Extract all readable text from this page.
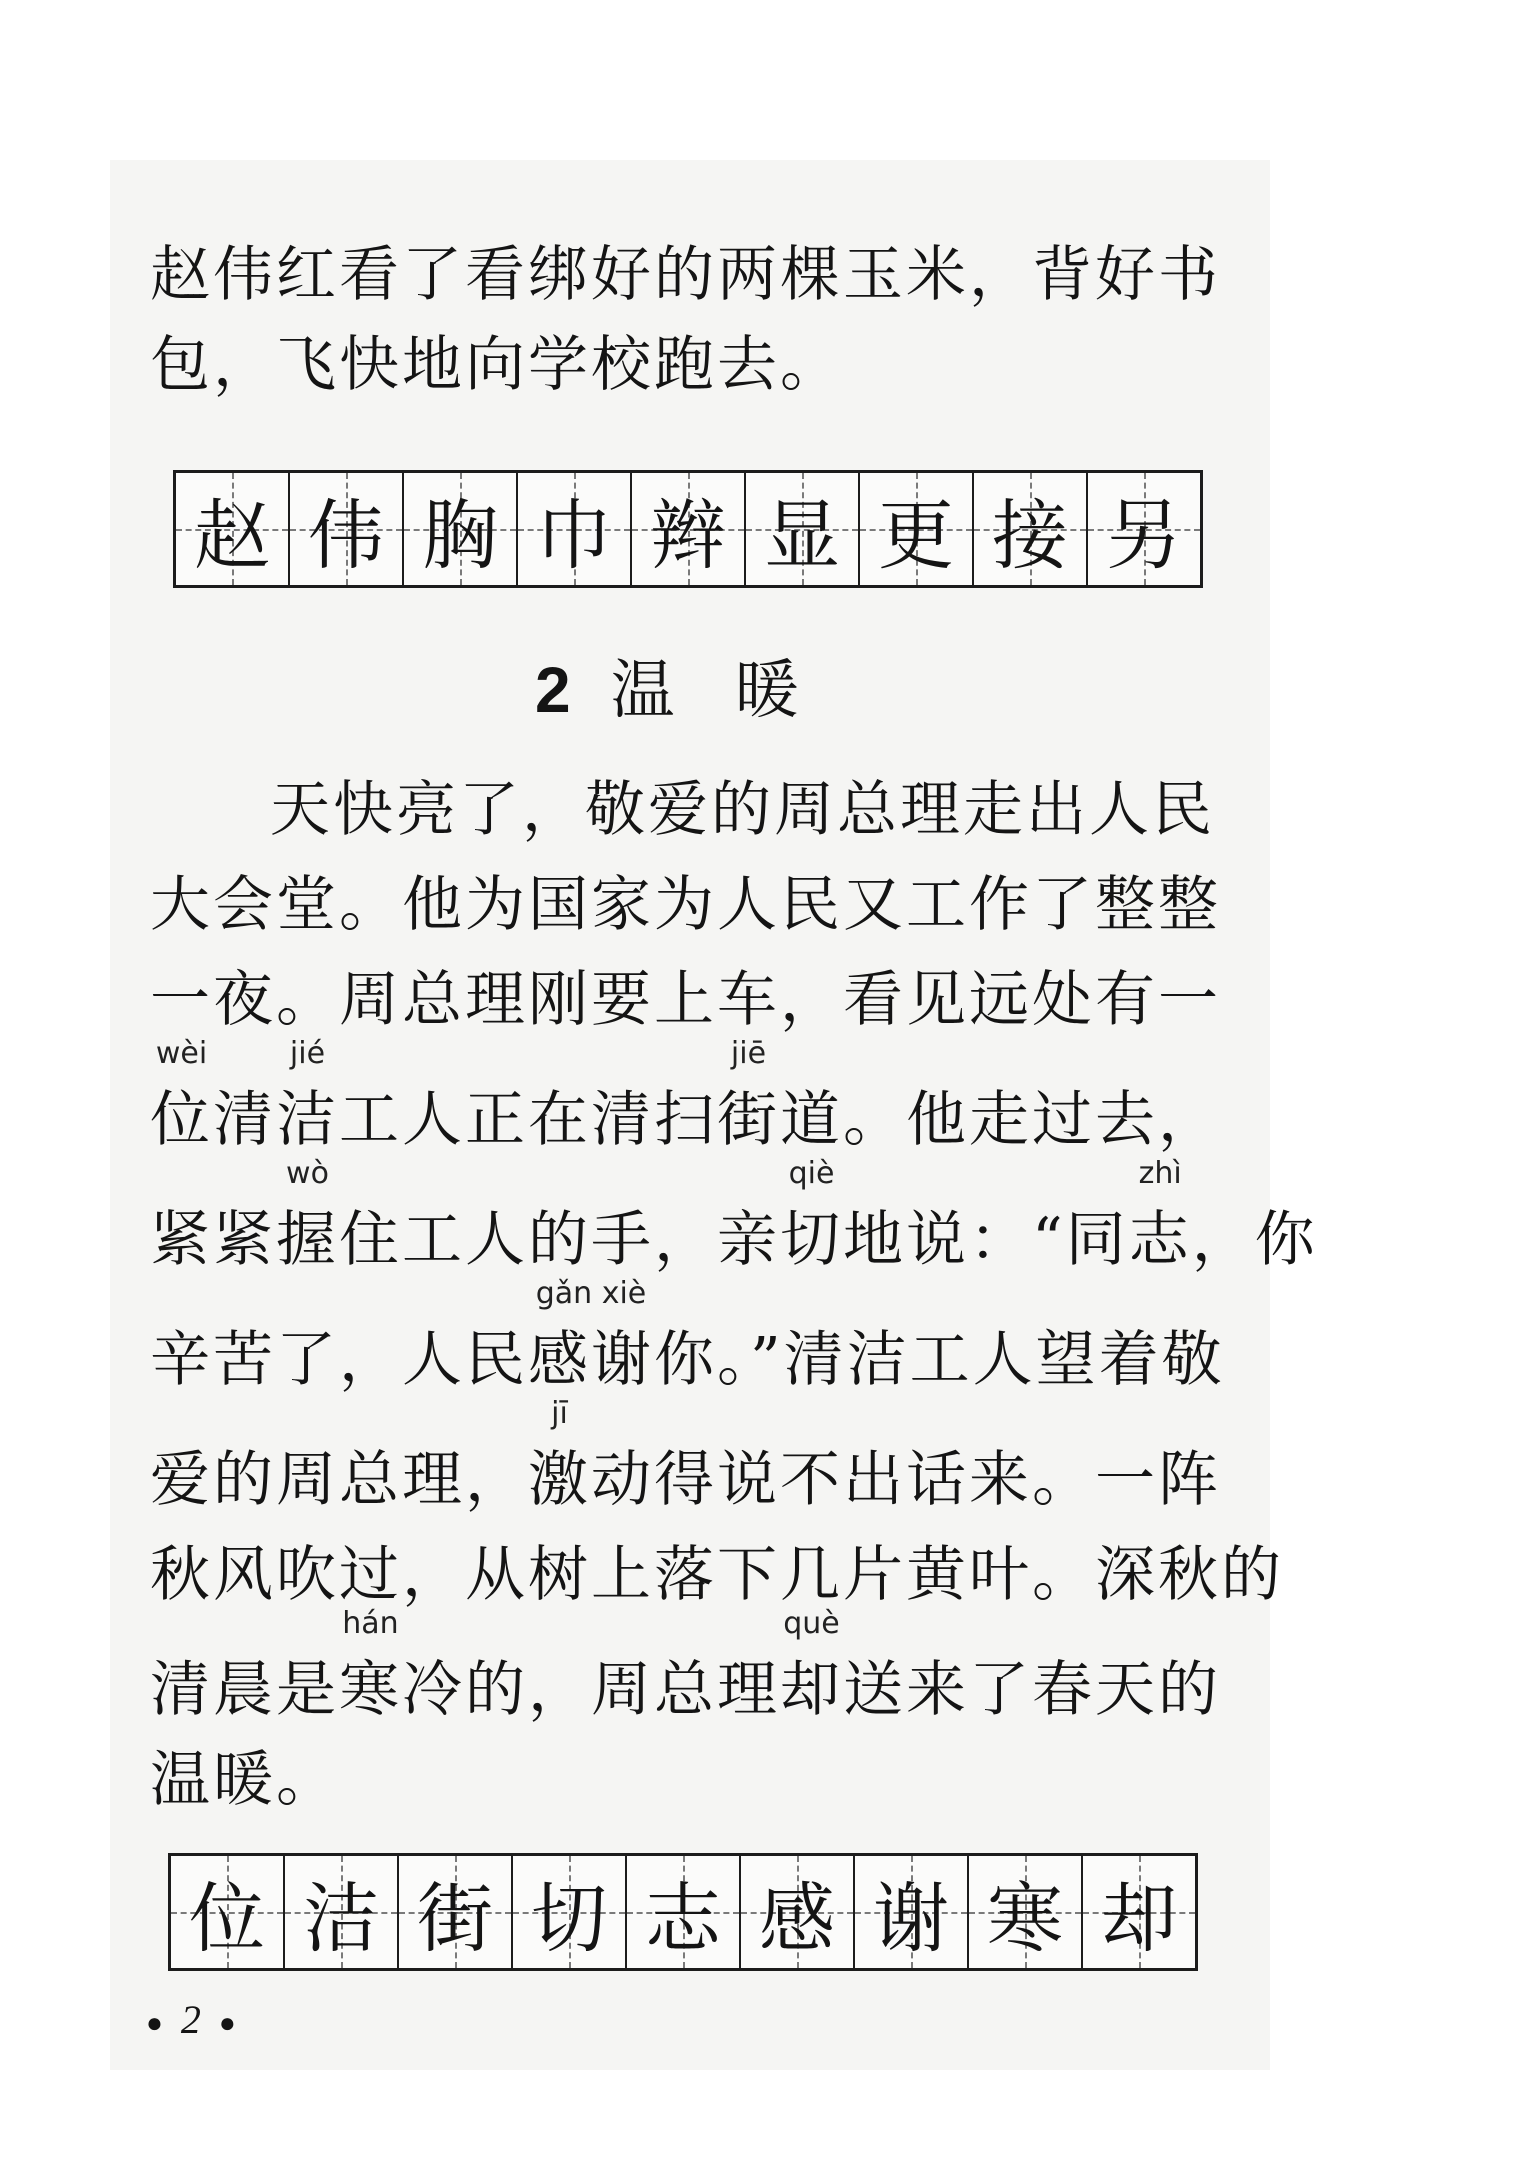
赵伟红看了看绑好的两棵玉米，背好书
包，飞快地向学校跑去。
赵 伟 胸 巾 辫 显 更 接 另
2 温暖
天快亮了，敬爱的周总理走出人民
大会堂。他为国家为人民又工作了整整
一夜。周总理刚要上车，看见远处有一
wèi
位清
jié
洁工人正在清扫
jiē
街道。他走过去，
紧紧
wò
握住工人的手，亲
qiè
切地说：“同
zhì
志，你
辛苦了，人民
gǎn xiè
感谢你。”清洁工人望着敬
爱的周总理，
jī
激动得说不出话来。一阵
秋风吹过，从树上落下几片黄叶。深秋的
清晨是
hán
寒冷的，周总理
què
却送来了春天的
温暖。
位 洁 街 切 志 感 谢 寒 却
● 2 ●
